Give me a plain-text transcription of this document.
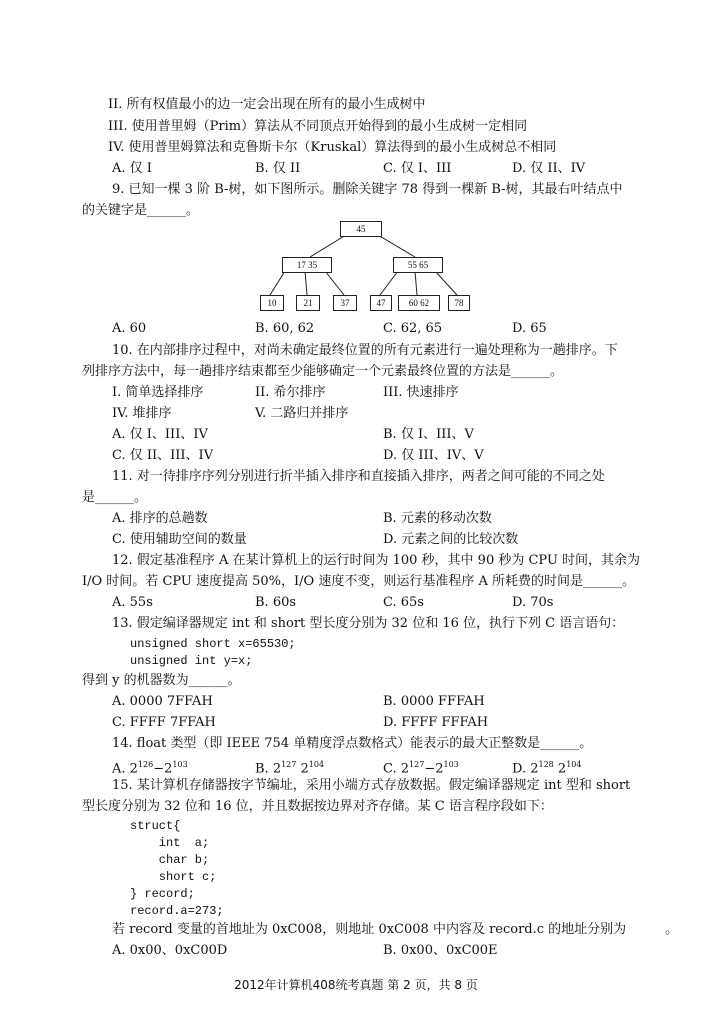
II. 所有权值最小的边一定会出现在所有的最小生成树中
III. 使用普里姆（Prim）算法从不同顶点开始得到的最小生成树一定相同
IV. 使用普里姆算法和克鲁斯卡尔（Kruskal）算法得到的最小生成树总不相同
A. 仅 I	B. 仅 II	C. 仅 I、III	D. 仅 II、IV
9. 已知一棵 3 阶 B-树，如下图所示。删除关键字 78 得到一棵新 B-树，其最右叶结点中
的关键字是______。
45
17 35	55 65
10	21	37	47	60 62	78
A. 60	B. 60, 62	C. 62, 65	D. 65
10. 在内部排序过程中，对尚未确定最终位置的所有元素进行一遍处理称为一趟排序。下
列排序方法中，每一趟排序结束都至少能够确定一个元素最终位置的方法是______。
I. 简单选择排序	II. 希尔排序	III. 快速排序
IV. 堆排序	V. 二路归并排序
A. 仅 I、III、IV	B. 仅 I、III、V
C. 仅 II、III、IV	D. 仅 III、IV、V
11. 对一待排序序列分别进行折半插入排序和直接插入排序，两者之间可能的不同之处
是______。
A. 排序的总趟数	B. 元素的移动次数
C. 使用辅助空间的数量	D. 元素之间的比较次数
12. 假定基准程序 A 在某计算机上的运行时间为 100 秒，其中 90 秒为 CPU 时间，其余为
I/O 时间。若 CPU 速度提高 50%，I/O 速度不变，则运行基准程序 A 所耗费的时间是______。
A. 55s	B. 60s	C. 65s	D. 70s
13. 假定编译器规定 int 和 short 型长度分别为 32 位和 16 位，执行下列 C 语言语句：
unsigned short x=65530;
unsigned int y=x;
得到 y 的机器数为______。
A. 0000 7FFAH	B. 0000 FFFAH
C. FFFF 7FFAH	D. FFFF FFFAH
14. float 类型（即 IEEE 754 单精度浮点数格式）能表示的最大正整数是______。
A. $2^{126}-2^{103}$	B. $2^{127}$ $2^{104}$	C. $2^{127}-2^{103}$	D. $2^{128}$ $2^{104}$
15. 某计算机存储器按字节编址，采用小端方式存放数据。假定编译器规定 int 型和 short
型长度分别为 32 位和 16 位，并且数据按边界对齐存储。某 C 语言程序段如下：
struct{
int  a;
char b;
short c;
} record;
record.a=273;
若 record 变量的首地址为 0xC008，则地址 0xC008 中内容及 record.c 的地址分别为　　　。
A. 0x00、0xC00D	B. 0x00、0xC00E
2012年计算机408统考真题 第 2 页，共 8 页
